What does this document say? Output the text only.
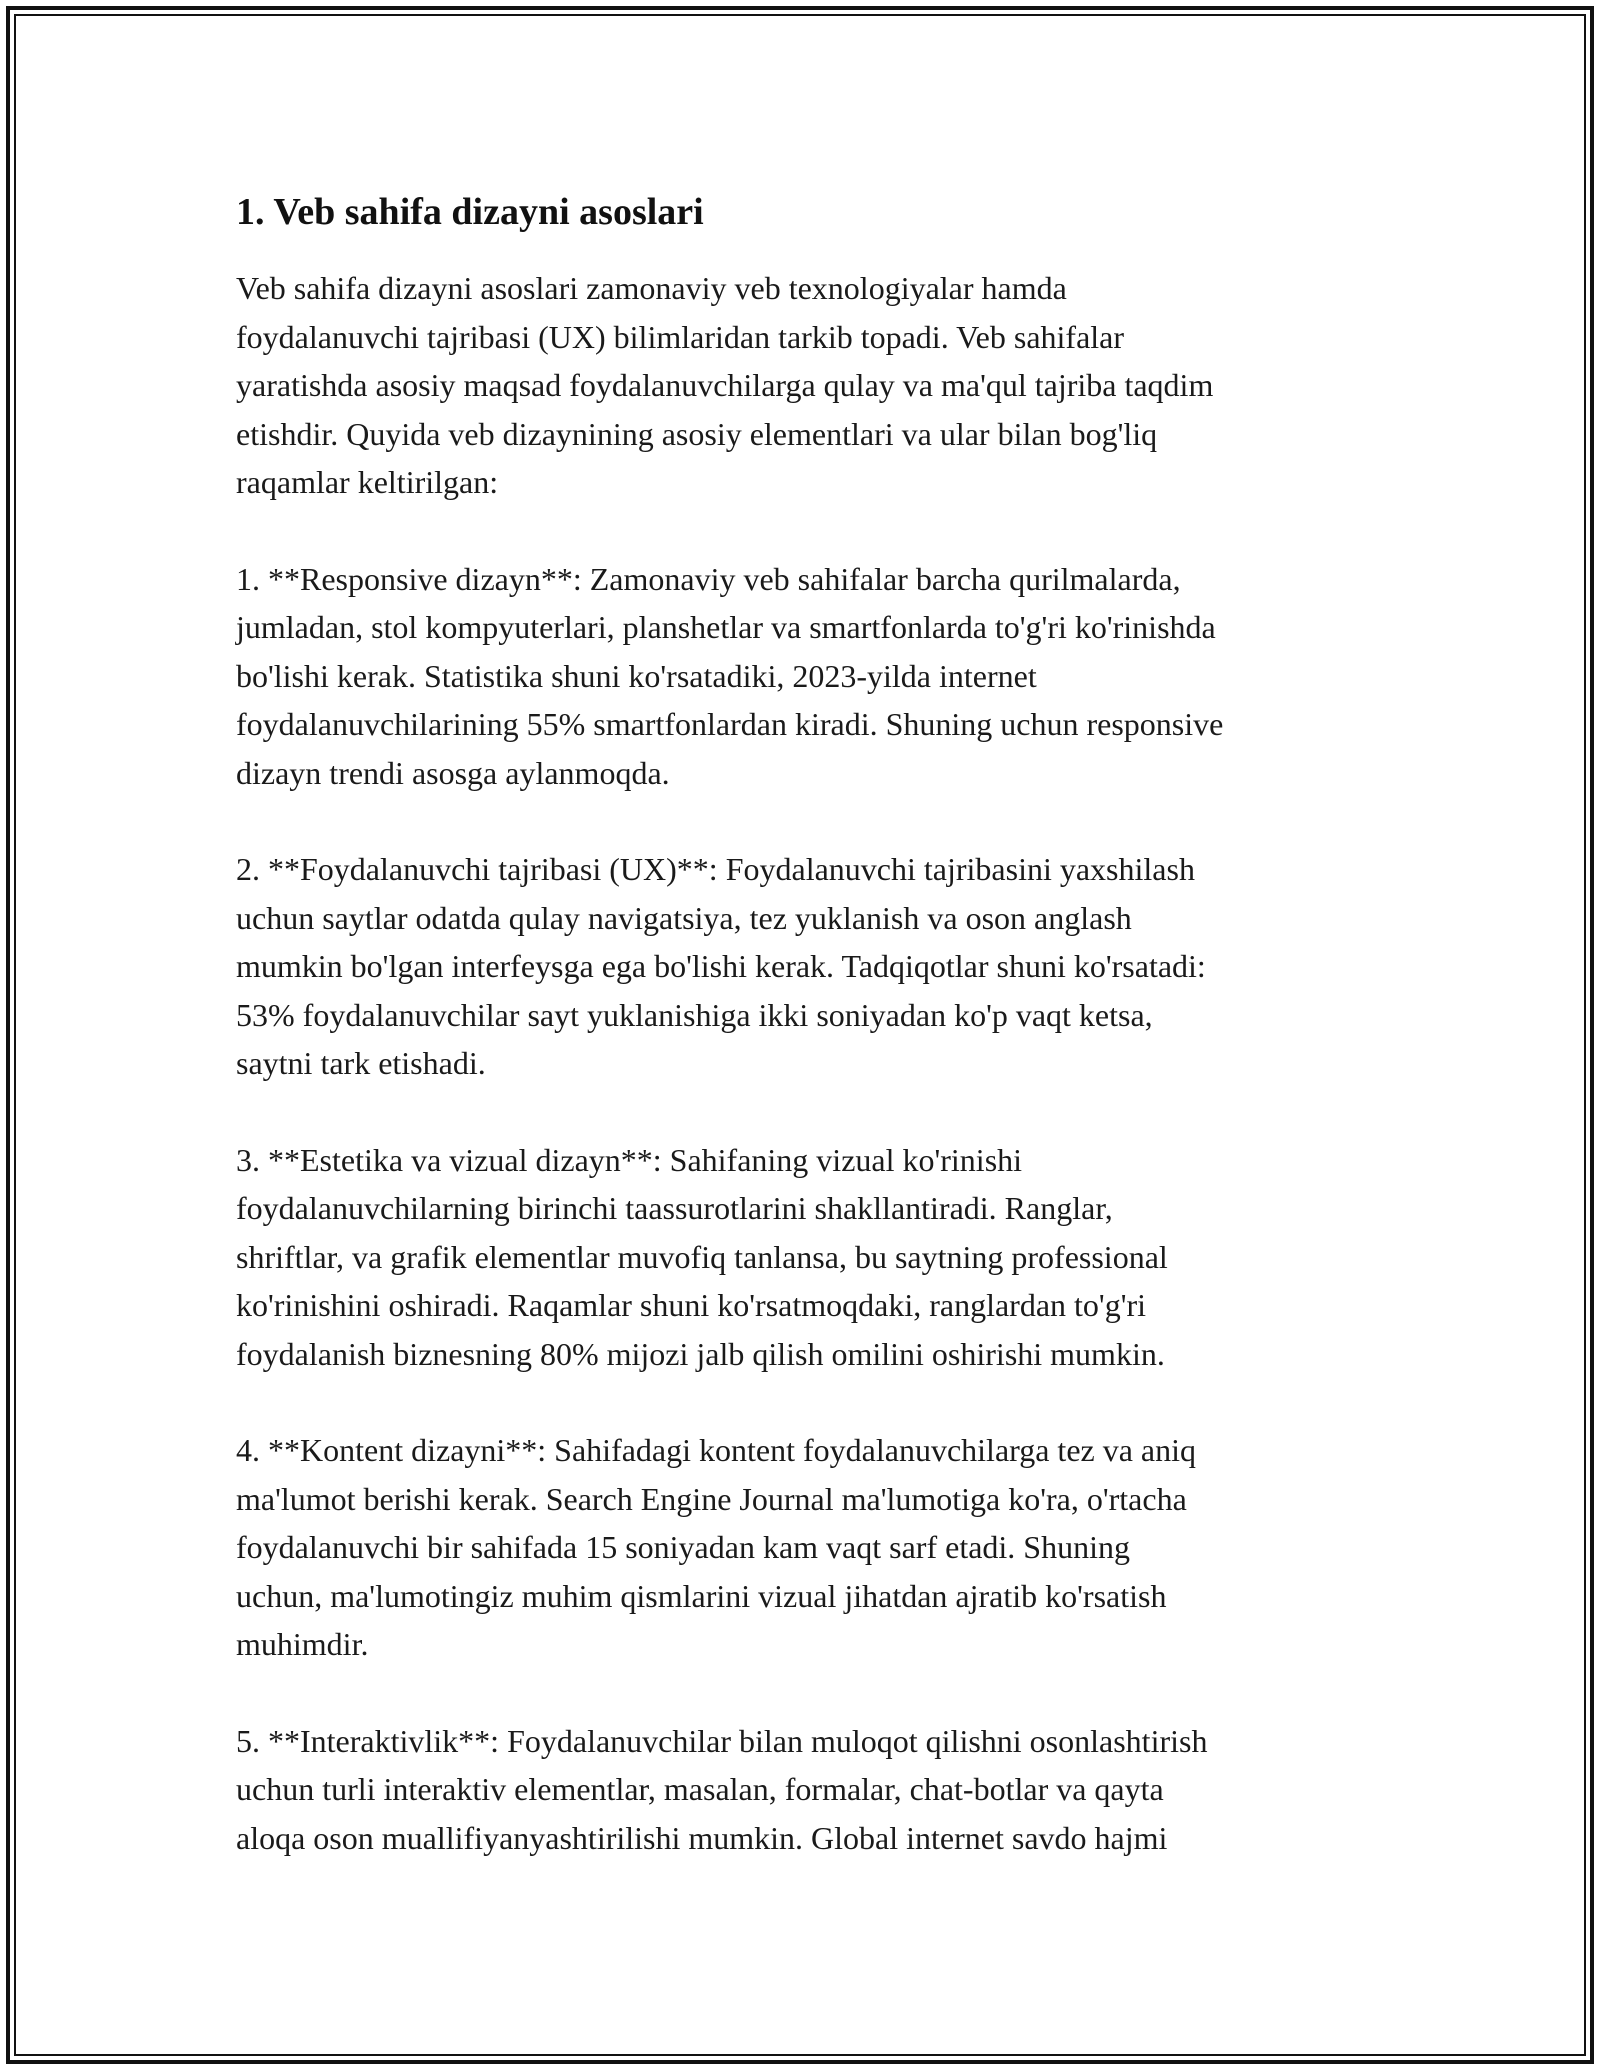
1. Veb sahifa dizayni asoslari

Veb sahifa dizayni asoslari zamonaviy veb texnologiyalar hamda
foydalanuvchi tajribasi (UX) bilimlaridan tarkib topadi. Veb sahifalar
yaratishda asosiy maqsad foydalanuvchilarga qulay va ma'qul tajriba taqdim
etishdir. Quyida veb dizaynining asosiy elementlari va ular bilan bog'liq
raqamlar keltirilgan:

1. **Responsive dizayn**: Zamonaviy veb sahifalar barcha qurilmalarda,
jumladan, stol kompyuterlari, planshetlar va smartfonlarda to'g'ri ko'rinishda
bo'lishi kerak. Statistika shuni ko'rsatadiki, 2023-yilda internet
foydalanuvchilarining 55% smartfonlardan kiradi. Shuning uchun responsive
dizayn trendi asosga aylanmoqda.

2. **Foydalanuvchi tajribasi (UX)**: Foydalanuvchi tajribasini yaxshilash
uchun saytlar odatda qulay navigatsiya, tez yuklanish va oson anglash
mumkin bo'lgan interfeysga ega bo'lishi kerak. Tadqiqotlar shuni ko'rsatadi:
53% foydalanuvchilar sayt yuklanishiga ikki soniyadan ko'p vaqt ketsa,
saytni tark etishadi.

3. **Estetika va vizual dizayn**: Sahifaning vizual ko'rinishi
foydalanuvchilarning birinchi taassurotlarini shakllantiradi. Ranglar,
shriftlar, va grafik elementlar muvofiq tanlansa, bu saytning professional
ko'rinishini oshiradi. Raqamlar shuni ko'rsatmoqdaki, ranglardan to'g'ri
foydalanish biznesning 80% mijozi jalb qilish omilini oshirishi mumkin.

4. **Kontent dizayni**: Sahifadagi kontent foydalanuvchilarga tez va aniq
ma'lumot berishi kerak. Search Engine Journal ma'lumotiga ko'ra, o'rtacha
foydalanuvchi bir sahifada 15 soniyadan kam vaqt sarf etadi. Shuning
uchun, ma'lumotingiz muhim qismlarini vizual jihatdan ajratib ko'rsatish
muhimdir.

5. **Interaktivlik**: Foydalanuvchilar bilan muloqot qilishni osonlashtirish
uchun turli interaktiv elementlar, masalan, formalar, chat-botlar va qayta
aloqa oson muallifiyanyashtirilishi mumkin. Global internet savdo hajmi
